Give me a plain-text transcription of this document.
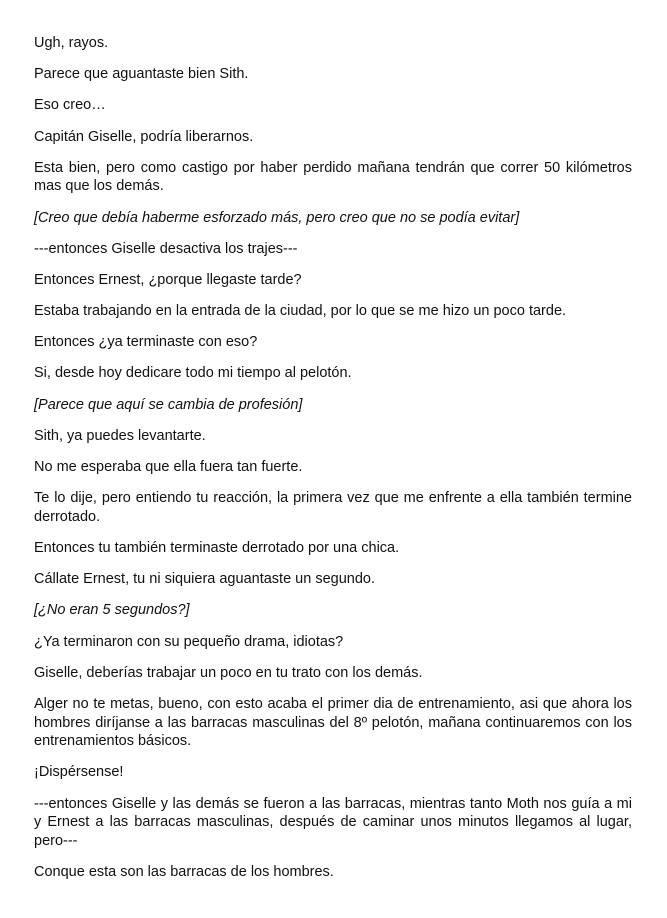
Ugh, rayos.

Parece que aguantaste bien Sith.

Eso creo…

Capitán Giselle, podría liberarnos.

Esta bien, pero como castigo por haber perdido mañana tendrán que correr 50 kilómetros mas que los demás.

[Creo que debía haberme esforzado más, pero creo que no se podía evitar]

---entonces Giselle desactiva los trajes---

Entonces Ernest, ¿porque llegaste tarde?

Estaba trabajando en la entrada de la ciudad, por lo que se me hizo un poco tarde.

Entonces ¿ya terminaste con eso?

Si, desde hoy dedicare todo mi tiempo al pelotón.

[Parece que aquí se cambia de profesión]

Sith, ya puedes levantarte.

No me esperaba que ella fuera tan fuerte.

Te lo dije, pero entiendo tu reacción, la primera vez que me enfrente a ella también termine derrotado.

Entonces tu también terminaste derrotado por una chica.

Cállate Ernest, tu ni siquiera aguantaste un segundo.

[¿No eran 5 segundos?]

¿Ya terminaron con su pequeño drama, idiotas?

Giselle, deberías trabajar un poco en tu trato con los demás.

Alger no te metas, bueno, con esto acaba el primer dia de entrenamiento, asi que ahora los hombres diríjanse a las barracas masculinas del 8º pelotón, mañana continuaremos con los entrenamientos básicos.

¡Dispérsense!

---entonces Giselle y las demás se fueron a las barracas, mientras tanto Moth nos guía a mi y Ernest a las barracas masculinas, después de caminar unos minutos llegamos al lugar, pero---

Conque esta son las barracas de los hombres.
